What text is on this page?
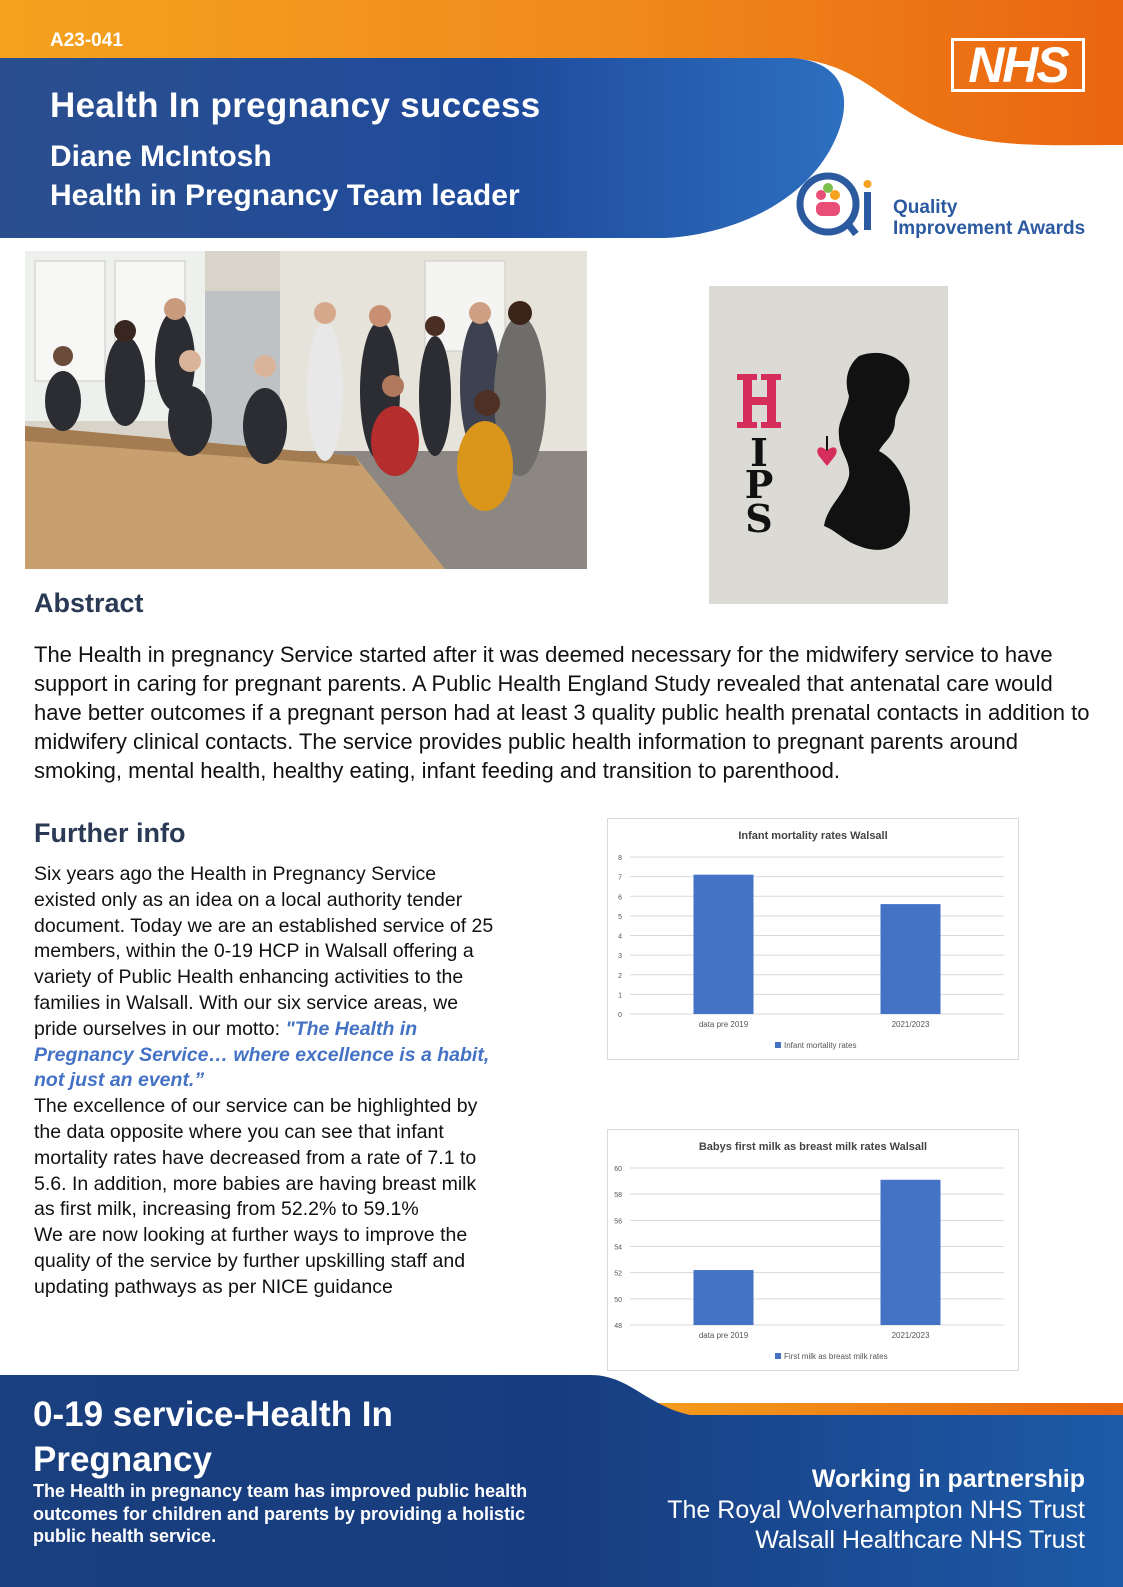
A23-041
Health In pregnancy success
Diane McIntosh
Health in Pregnancy Team leader
NHS
Quality
Improvement Awards
I
P
S
Abstract

The Health in pregnancy Service started after it was deemed necessary for the midwifery service to have support in caring for pregnant parents. A Public Health England Study revealed that antenatal care would have better outcomes if a pregnant person had at least 3 quality public health prenatal contacts in addition to midwifery clinical contacts. The service provides public health information to pregnant parents around smoking, mental health, healthy eating, infant feeding and transition to parenthood.

Further info
Six years ago the Health in Pregnancy Service existed only as an idea on a local authority tender document. Today we are an established service of 25 members, within the 0-19 HCP in Walsall offering a variety of Public Health enhancing activities to the families in Walsall. With our six service areas, we pride ourselves in our motto: "The Health in Pregnancy Service… where excellence is a habit, not just an event.”
The excellence of our service can be highlighted by the data opposite where you can see that infant mortality rates have decreased from a rate of 7.1 to 5.6. In addition, more babies are having breast milk as first milk, increasing from 52.2% to 59.1%
We are now looking at further ways to improve the quality of the service by further upskilling staff and updating pathways as per NICE guidance
Infant mortality rates Walsall
0
1
2
3
4
5
6
7
8
data pre 2019	2021/2023
Infant mortality rates
Babys first milk as breast milk rates Walsall
48
50
52
54
56
58
60
data pre 2019	2021/2023
First milk as breast milk rates
0-19 service-Health In Pregnancy
The Health in pregnancy team has improved public health outcomes for children and parents by providing a holistic public health service.
Working in partnership
The Royal Wolverhampton NHS Trust
Walsall Healthcare NHS Trust
